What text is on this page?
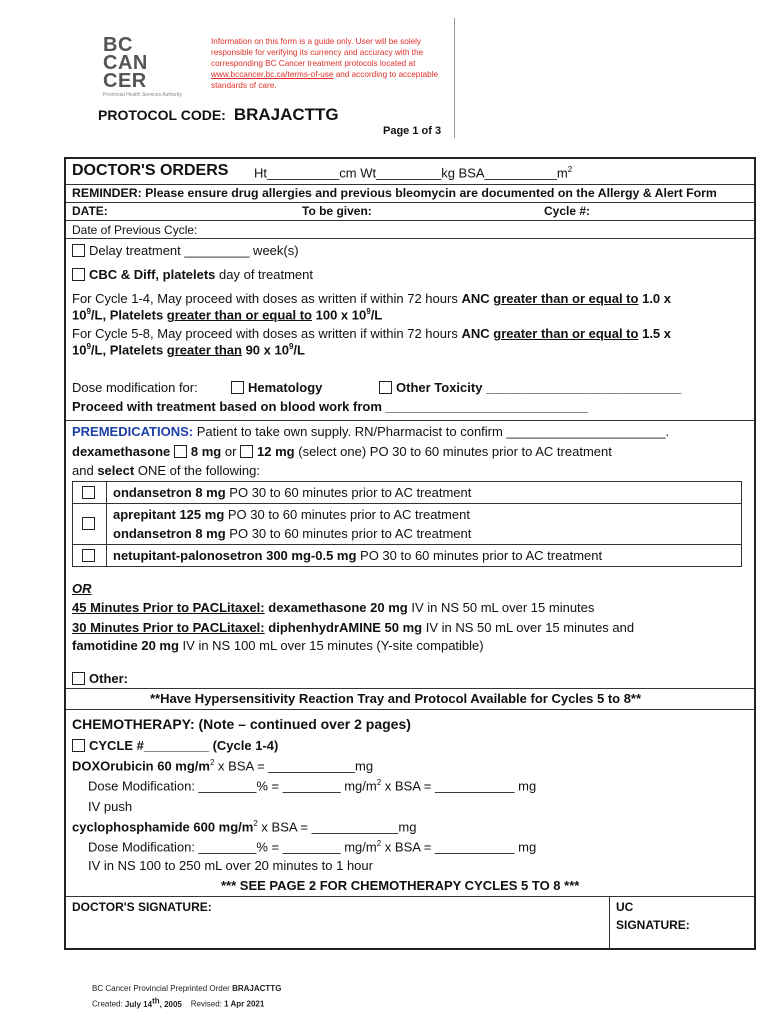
BC
CAN
CER
Provincial Health Services Authority
Information on this form is a guide only. User will be solely responsible for verifying its currency and accuracy with the corresponding BC Cancer treatment protocols located at www.bccancer.bc.ca/terms-of-use and according to acceptable standards of care.
PROTOCOL CODE: BRAJACTTG
Page 1 of 3
DOCTOR'S ORDERS Ht__________cm Wt_________kg $BSA\_\_\_\_\_\_\_\_\_\_m^2$
REMINDER: Please ensure drug allergies and previous bleomycin are documented on the Allergy & Alert Form
DATE:	To be given:	Cycle #:
Date of Previous Cycle:
Delay treatment _________ week(s)
CBC & Diff, platelets day of treatment
For Cycle 1-4, May proceed with doses as written if within 72 hours ANC greater than or equal to 1.0 x
$10^9/L$, Platelets greater than or equal to 100 x $10^9/L$
For Cycle 5-8, May proceed with doses as written if within 72 hours ANC greater than or equal to 1.5 x
$10^9/L$, Platelets greater than 90 x $10^9/L$
Dose modification for:	Hematology	Other Toxicity ___________________________
Proceed with treatment based on blood work from ____________________________
PREMEDICATIONS: Patient to take own supply. RN/Pharmacist to confirm ______________________.
dexamethasone 8 mg or 12 mg (select one) PO 30 to 60 minutes prior to AC treatment
and select ONE of the following:
ondansetron 8 mg PO 30 to 60 minutes prior to AC treatment
aprepitant 125 mg PO 30 to 60 minutes prior to AC treatment
ondansetron 8 mg PO 30 to 60 minutes prior to AC treatment
netupitant-palonosetron 300 mg-0.5 mg PO 30 to 60 minutes prior to AC treatment
OR
45 Minutes Prior to PACLitaxel: dexamethasone 20 mg IV in NS 50 mL over 15 minutes
30 Minutes Prior to PACLitaxel: diphenhydrAMINE 50 mg IV in NS 50 mL over 15 minutes and
famotidine 20 mg IV in NS 100 mL over 15 minutes (Y-site compatible)
Other:
**Have Hypersensitivity Reaction Tray and Protocol Available for Cycles 5 to 8**
CHEMOTHERAPY: (Note – continued over 2 pages)
CYCLE #_________ (Cycle 1-4)
DOXOrubicin 60 $mg/m^2$ x BSA = ____________mg
Dose Modification: ________% = ________ $mg/m^2$ x BSA = ___________ mg
IV push
cyclophosphamide 600 $mg/m^2$ x BSA = ____________mg
Dose Modification: ________% = ________ $mg/m^2$ x BSA = ___________ mg
IV in NS 100 to 250 mL over 20 minutes to 1 hour
*** SEE PAGE 2 FOR CHEMOTHERAPY CYCLES 5 TO 8 ***
DOCTOR'S SIGNATURE:	UC
SIGNATURE:
BC Cancer Provincial Preprinted Order BRAJACTTG
Created: July 14th, 2005 Revised: 1 Apr 2021
